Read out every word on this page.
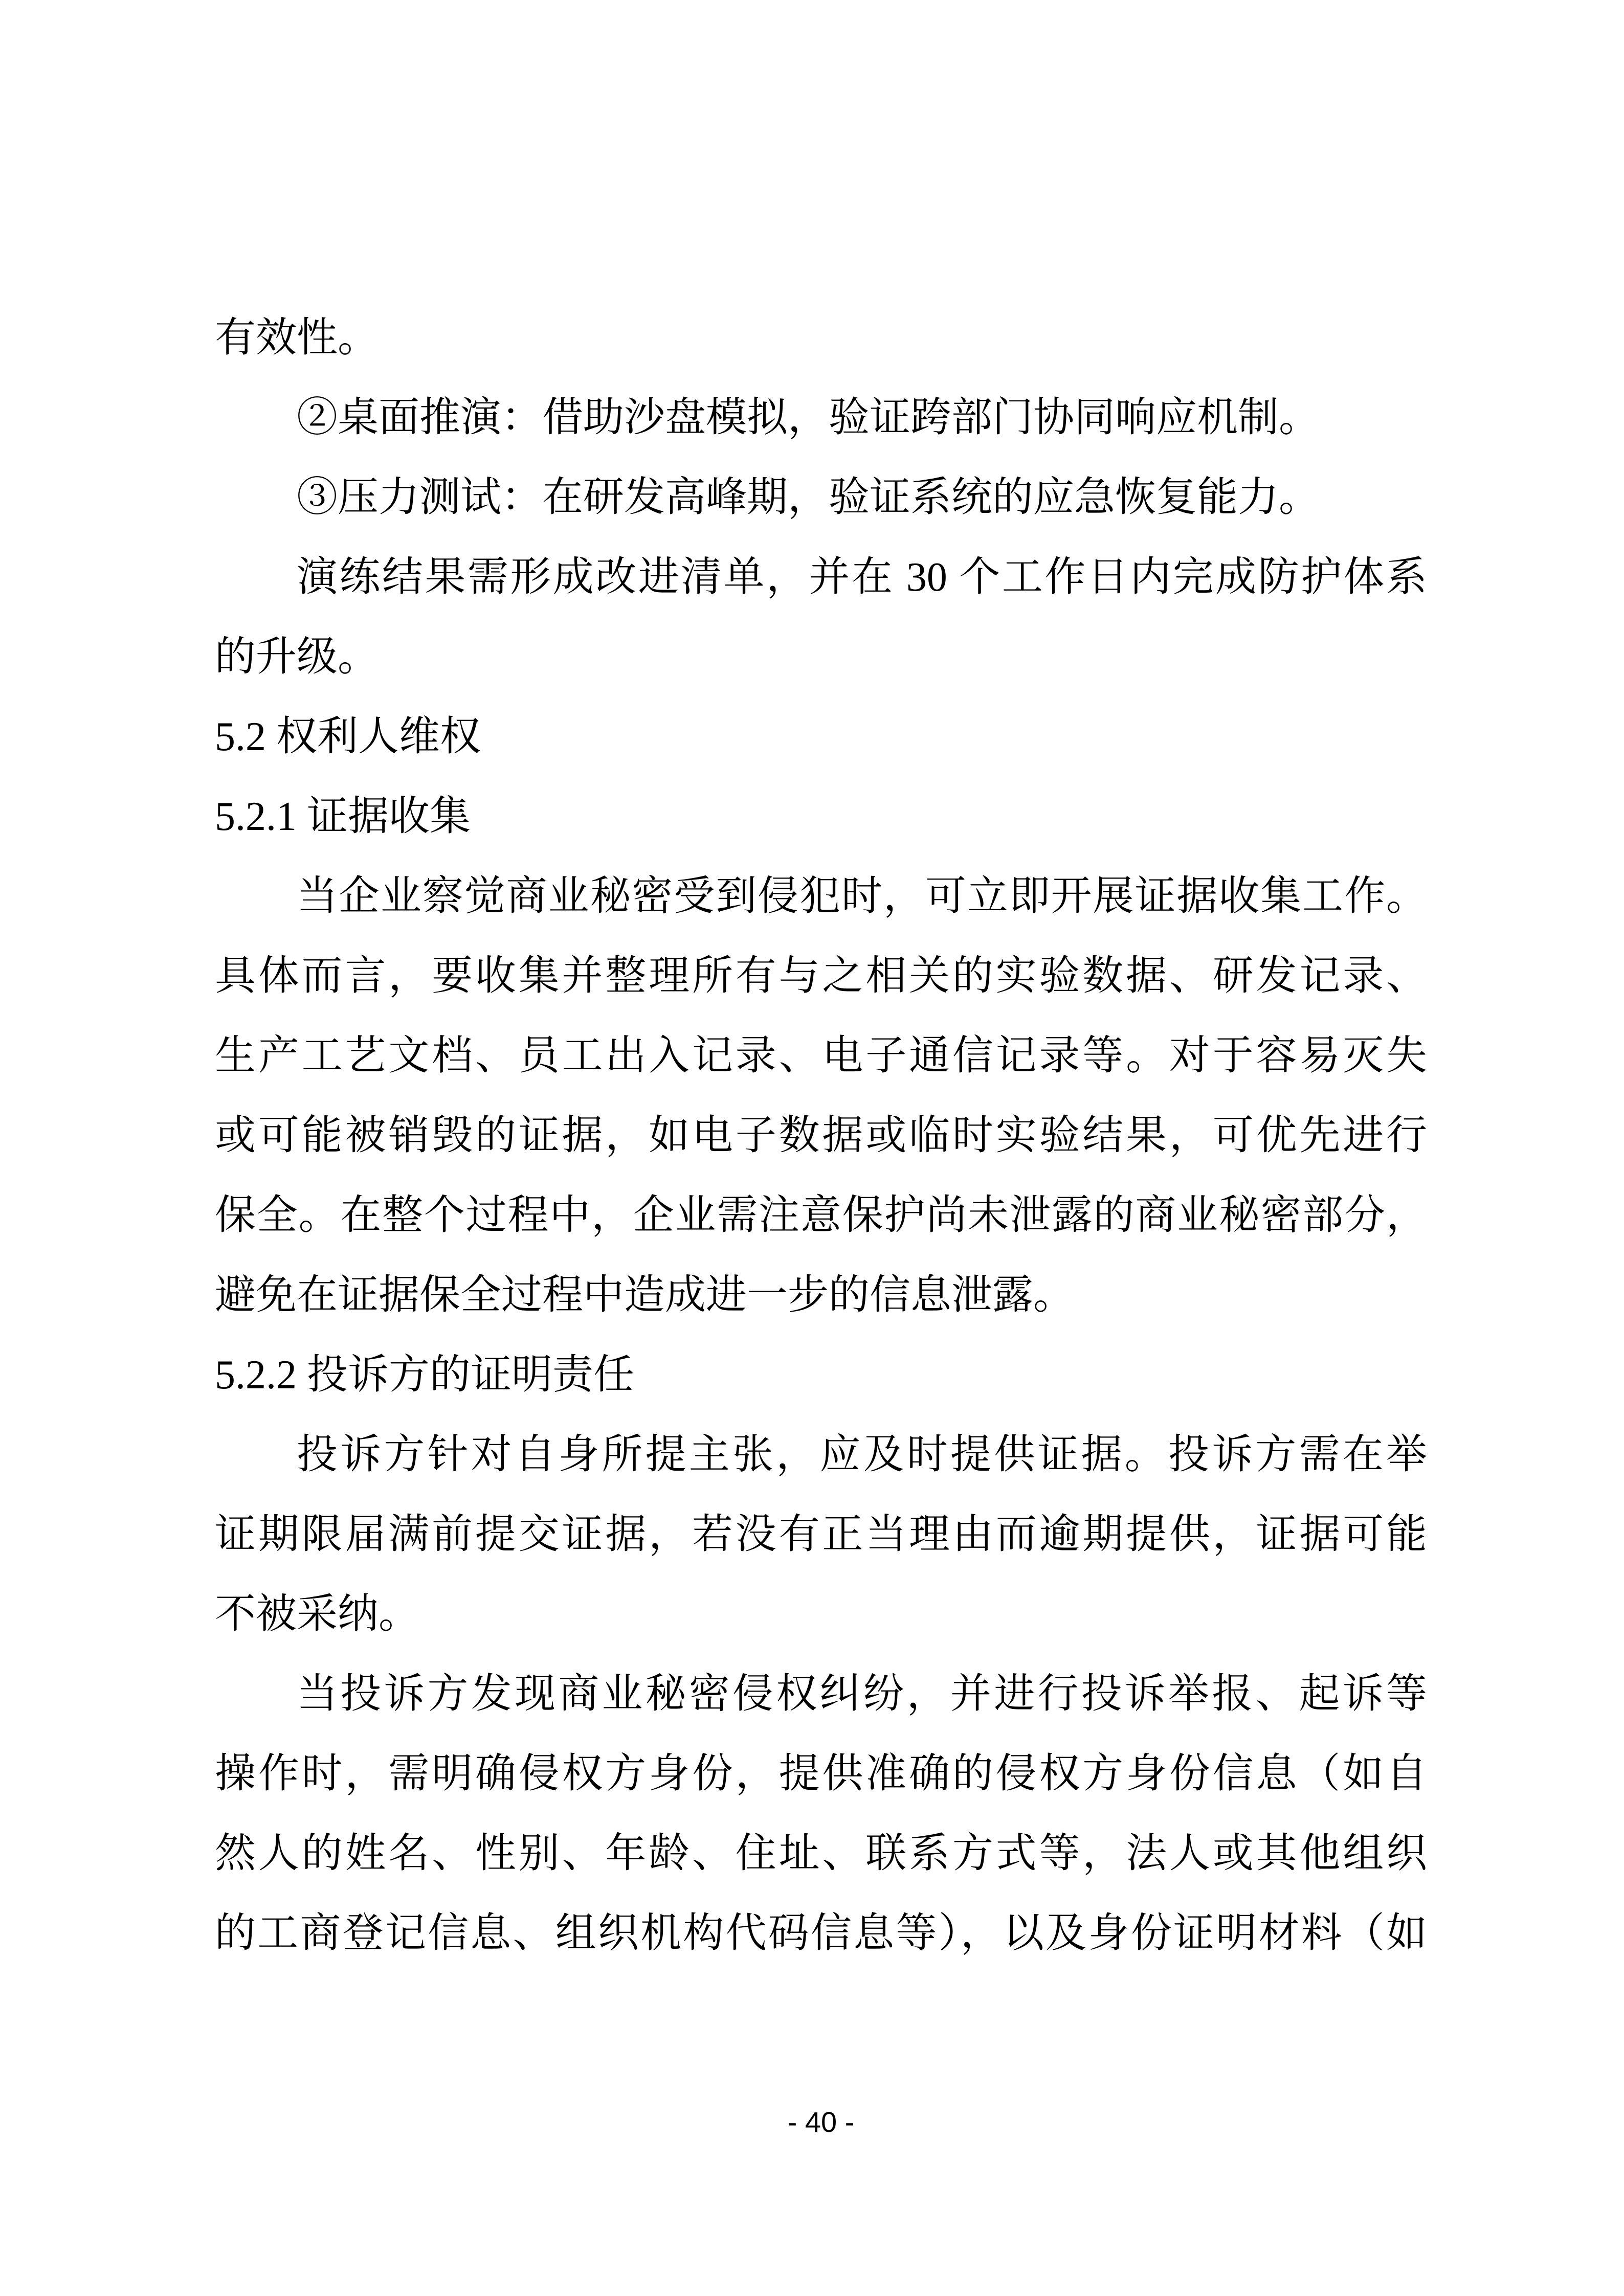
有效性。
②桌面推演：借助沙盘模拟，验证跨部门协同响应机制。
③压力测试：在研发高峰期，验证系统的应急恢复能力。
演练结果需形成改进清单，并在 30 个工作日内完成防护体系
的升级。
5.2 权利人维权
5.2.1 证据收集
当企业察觉商业秘密受到侵犯时，可立即开展证据收集工作。
具体而言，要收集并整理所有与之相关的实验数据、研发记录、
生产工艺文档、员工出入记录、电子通信记录等。对于容易灭失
或可能被销毁的证据，如电子数据或临时实验结果，可优先进行
保全。在整个过程中，企业需注意保护尚未泄露的商业秘密部分，
避免在证据保全过程中造成进一步的信息泄露。
5.2.2 投诉方的证明责任
投诉方针对自身所提主张，应及时提供证据。投诉方需在举
证期限届满前提交证据，若没有正当理由而逾期提供，证据可能
不被采纳。
当投诉方发现商业秘密侵权纠纷，并进行投诉举报、起诉等
操作时，需明确侵权方身份，提供准确的侵权方身份信息（如自
然人的姓名、性别、年龄、住址、联系方式等，法人或其他组织
的工商登记信息、组织机构代码信息等），以及身份证明材料（如
- 40 -
